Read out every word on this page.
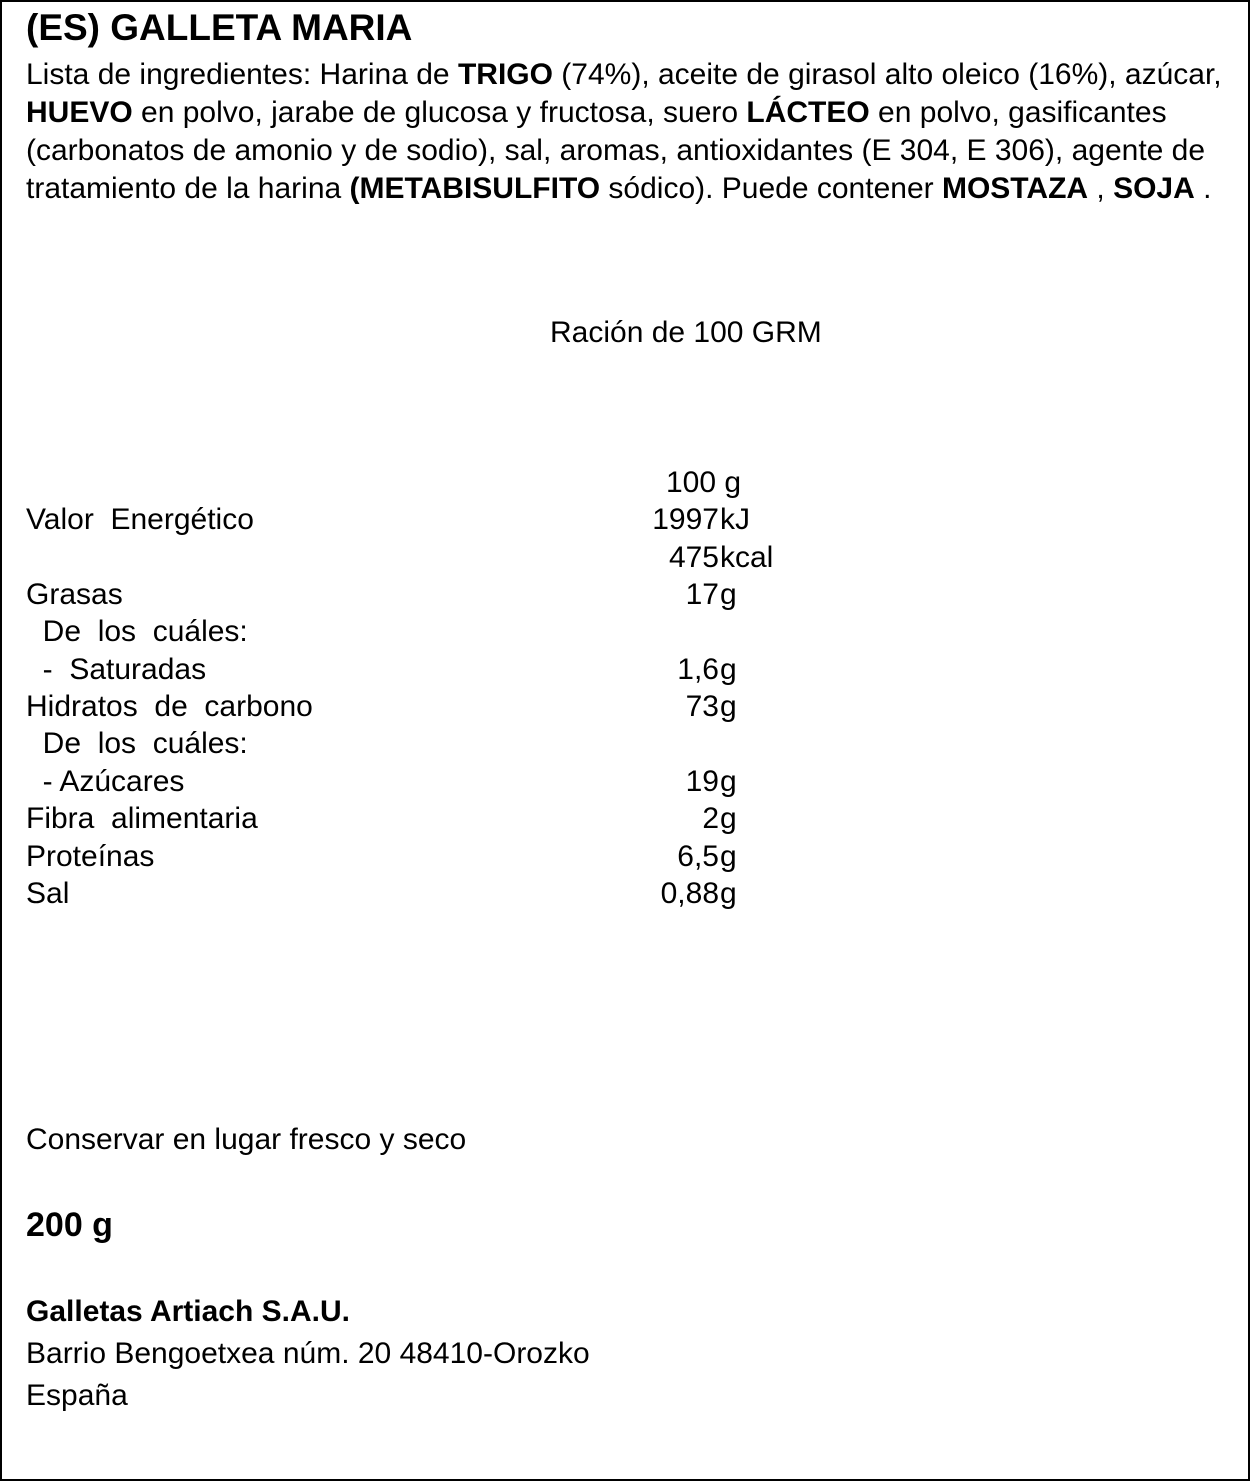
(ES) GALLETA MARIA
Lista de ingredientes: Harina de TRIGO (74%), aceite de girasol alto oleico (16%), azúcar, HUEVO en polvo, jarabe de glucosa y fructosa, suero LÁCTEO en polvo, gasificantes (carbonatos de amonio y de sodio), sal, aromas, antioxidantes (E 304, E 306), agente de tratamiento de la harina (METABISULFITO sódico). Puede contener MOSTAZA , SOJA .
Ración de 100 GRM
100 g
Valor  Energético	1997 kJ
475 kcal
Grasas	17 g
De  los  cuáles:
-  Saturadas	1,6 g
Hidratos  de  carbono	73 g
De  los  cuáles:
- Azúcares	19 g
Fibra  alimentaria	2 g
Proteínas	6,5 g
Sal	0,88 g
Conservar en lugar fresco y seco
200 g
Galletas Artiach S.A.U.
Barrio Bengoetxea núm. 20 48410-Orozko
España
